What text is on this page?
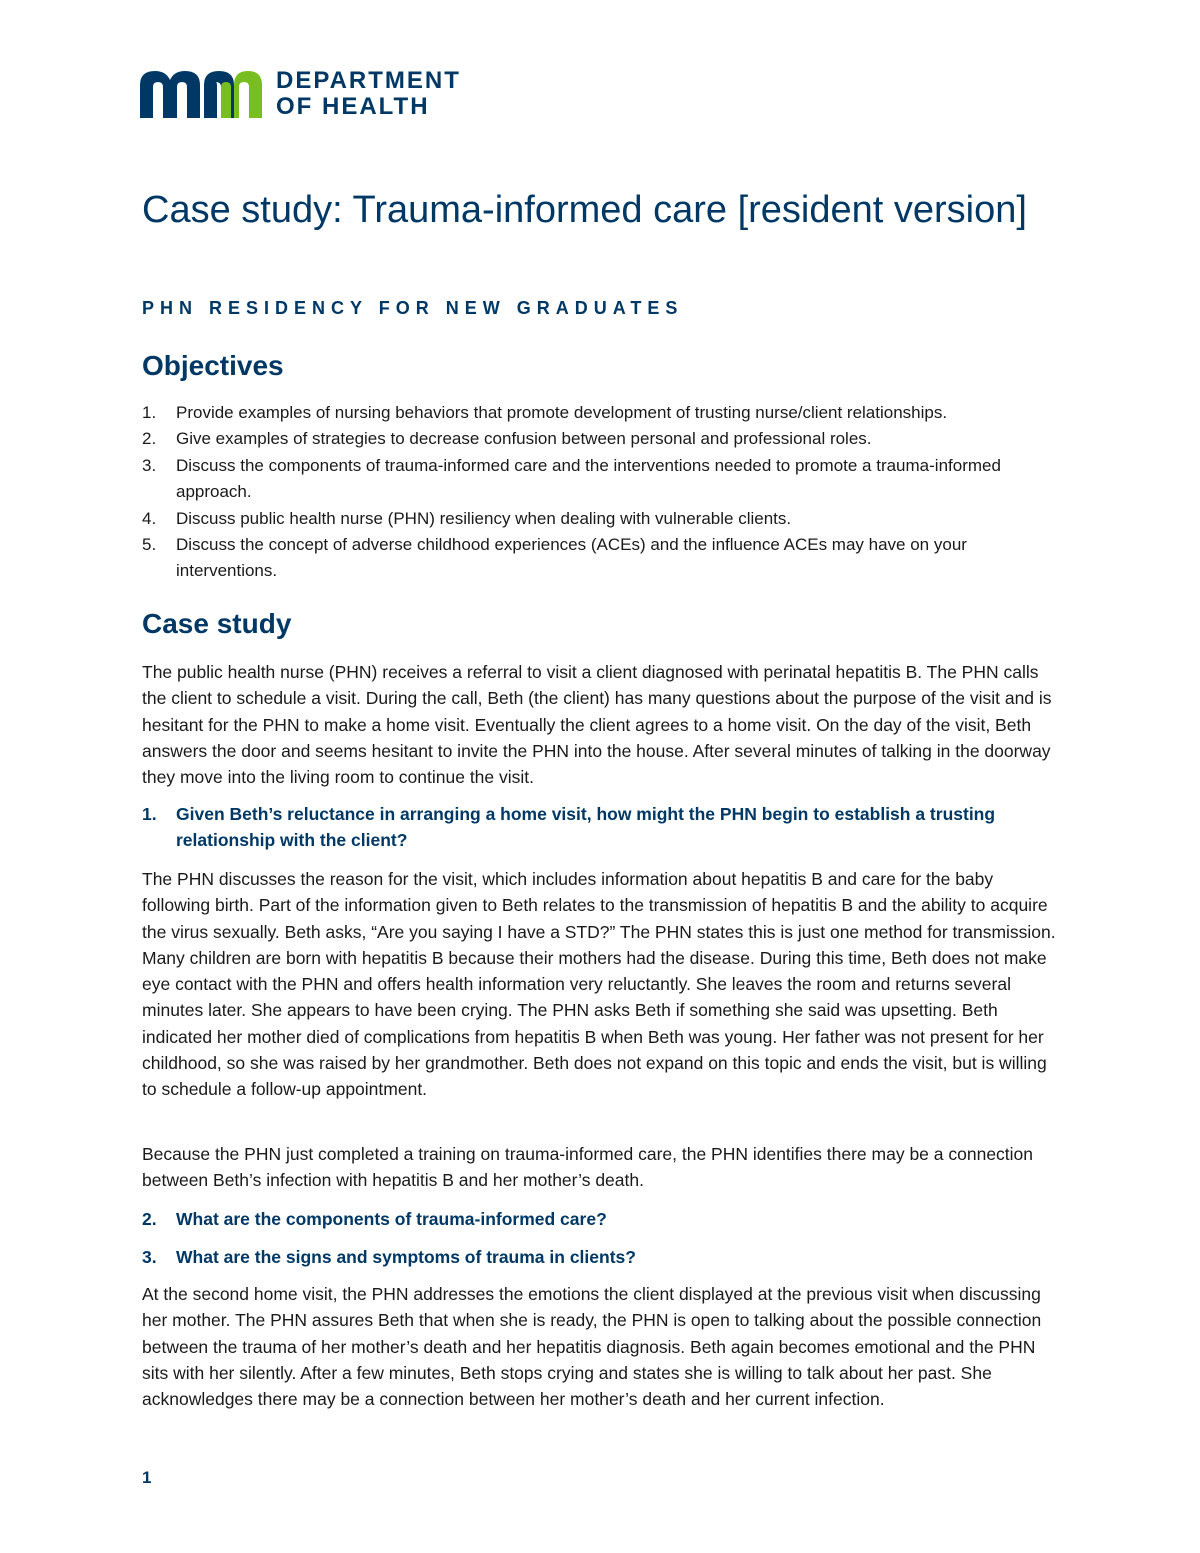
DEPARTMENT
OF HEALTH
Case study: Trauma-informed care [resident version]
PHN RESIDENCY FOR NEW GRADUATES
Objectives
1. Provide examples of nursing behaviors that promote development of trusting nurse/client relationships.
2. Give examples of strategies to decrease confusion between personal and professional roles.
3. Discuss the components of trauma-informed care and the interventions needed to promote a trauma-informed approach.
4. Discuss public health nurse (PHN) resiliency when dealing with vulnerable clients.
5. Discuss the concept of adverse childhood experiences (ACEs) and the influence ACEs may have on your interventions.
Case study

The public health nurse (PHN) receives a referral to visit a client diagnosed with perinatal hepatitis B. The PHN calls the client to schedule a visit. During the call, Beth (the client) has many questions about the purpose of the visit and is hesitant for the PHN to make a home visit. Eventually the client agrees to a home visit. On the day of the visit, Beth answers the door and seems hesitant to invite the PHN into the house. After several minutes of talking in the doorway they move into the living room to continue the visit.

1. Given Beth’s reluctance in arranging a home visit, how might the PHN begin to establish a trusting relationship with the client?

The PHN discusses the reason for the visit, which includes information about hepatitis B and care for the baby following birth. Part of the information given to Beth relates to the transmission of hepatitis B and the ability to acquire the virus sexually. Beth asks, “Are you saying I have a STD?” The PHN states this is just one method for transmission. Many children are born with hepatitis B because their mothers had the disease. During this time, Beth does not make eye contact with the PHN and offers health information very reluctantly. She leaves the room and returns several minutes later. She appears to have been crying. The PHN asks Beth if something she said was upsetting. Beth indicated her mother died of complications from hepatitis B when Beth was young. Her father was not present for her childhood, so she was raised by her grandmother. Beth does not expand on this topic and ends the visit, but is willing to schedule a follow-up appointment.

Because the PHN just completed a training on trauma-informed care, the PHN identifies there may be a connection between Beth’s infection with hepatitis B and her mother’s death.

2. What are the components of trauma-informed care?
3. What are the signs and symptoms of trauma in clients?

At the second home visit, the PHN addresses the emotions the client displayed at the previous visit when discussing her mother. The PHN assures Beth that when she is ready, the PHN is open to talking about the possible connection between the trauma of her mother’s death and her hepatitis diagnosis. Beth again becomes emotional and the PHN sits with her silently. After a few minutes, Beth stops crying and states she is willing to talk about her past. She acknowledges there may be a connection between her mother’s death and her current infection.

1
